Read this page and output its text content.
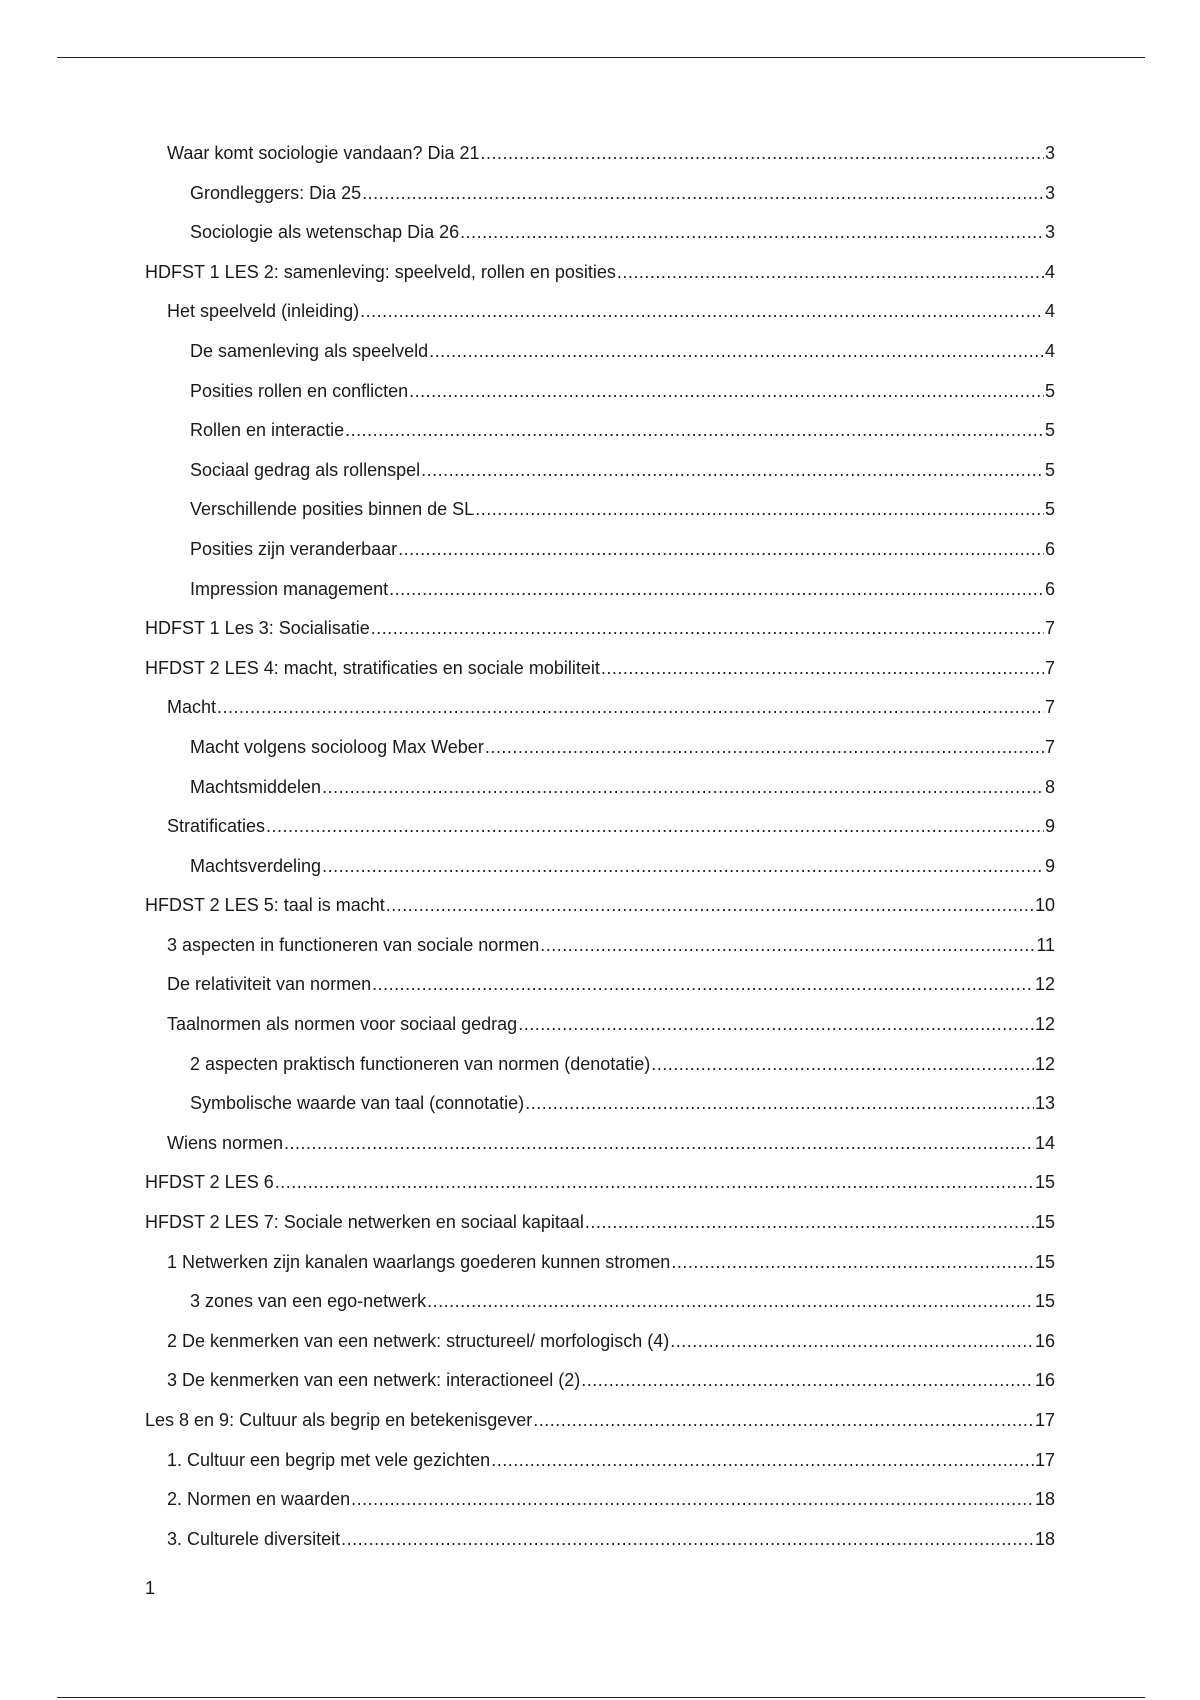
Waar komt sociologie vandaan? Dia 21 .....	3
Grondleggers: Dia 25 .....	3
Sociologie als wetenschap Dia 26 .....	3
HDFST 1 LES 2: samenleving: speelveld, rollen en posities .....	4
Het speelveld (inleiding) .....	4
De samenleving als speelveld .....	4
Posities rollen en conflicten .....	5
Rollen en interactie .....	5
Sociaal gedrag als rollenspel .....	5
Verschillende posities binnen de SL .....	5
Posities zijn veranderbaar .....	6
Impression management .....	6
HDFST 1 Les 3: Socialisatie .....	7
HFDST 2 LES 4: macht, stratificaties en sociale mobiliteit .....	7
Macht .....	7
Macht volgens socioloog Max Weber .....	7
Machtsmiddelen .....	8
Stratificaties .....	9
Machtsverdeling .....	9
HFDST 2 LES 5: taal is macht .....	10
3 aspecten in functioneren van sociale normen .....	11
De relativiteit van normen .....	12
Taalnormen als normen voor sociaal gedrag .....	12
2 aspecten praktisch functioneren van normen (denotatie) .....	12
Symbolische waarde van taal (connotatie) .....	13
Wiens normen .....	14
HFDST 2 LES 6 .....	15
HFDST 2 LES 7: Sociale netwerken en sociaal kapitaal .....	15
1 Netwerken zijn kanalen waarlangs goederen kunnen stromen .....	15
3 zones van een ego-netwerk .....	15
2 De kenmerken van een netwerk: structureel/ morfologisch (4) .....	16
3 De kenmerken van een netwerk: interactioneel (2) .....	16
Les 8 en 9: Cultuur als begrip en betekenisgever .....	17
1. Cultuur een begrip met vele gezichten .....	17
2. Normen en waarden .....	18
3. Culturele diversiteit .....	18
1
